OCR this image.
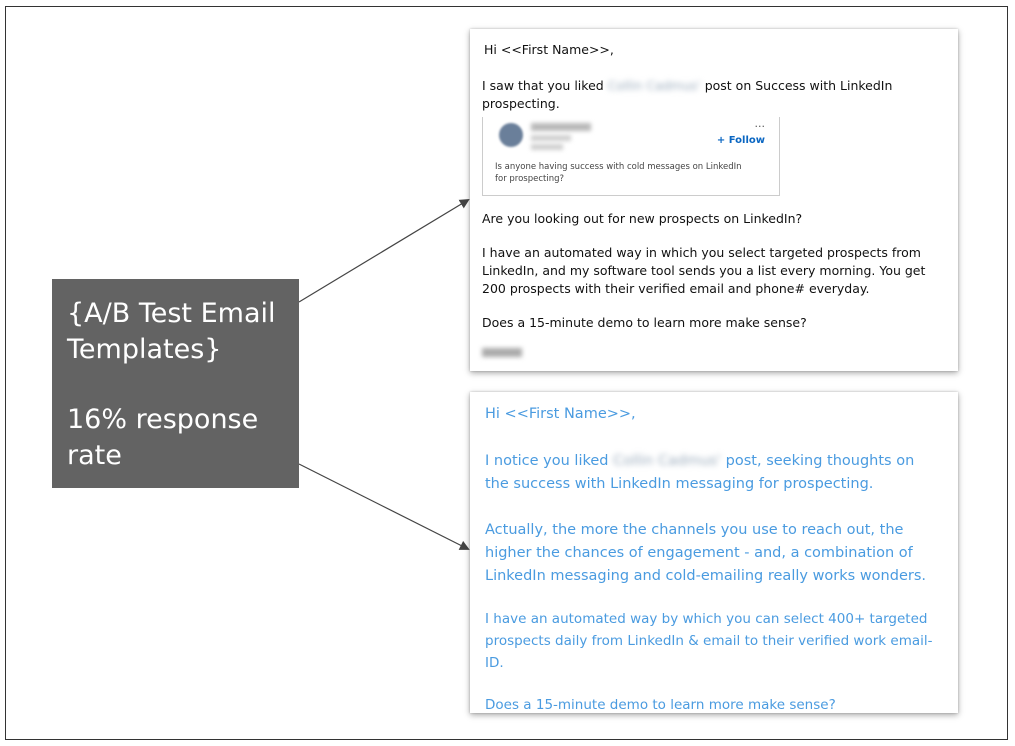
{A/B Test Email
Templates}
16% response
rate

Hi <<First Name>>,

I saw that you liked Collin Cadmus' post on Success with LinkedIn prospecting.

...
+ Follow
Is anyone having success with cold messages on LinkedIn for prospecting?

Are you looking out for new prospects on LinkedIn?

I have an automated way in which you select targeted prospects from LinkedIn, and my software tool sends you a list every morning. You get 200 prospects with their verified email and phone# everyday.

Does a 15-minute demo to learn more make sense?

Hi <<First Name>>,

I notice you liked Collin Cadmus' post, seeking thoughts on
the success with LinkedIn messaging for prospecting.

Actually, the more the channels you use to reach out, the higher the chances of engagement - and, a combination of LinkedIn messaging and cold-emailing really works wonders.

I have an automated way by which you can select 400+ targeted prospects daily from LinkedIn & email to their verified work email-ID.

Does a 15-minute demo to learn more make sense?
